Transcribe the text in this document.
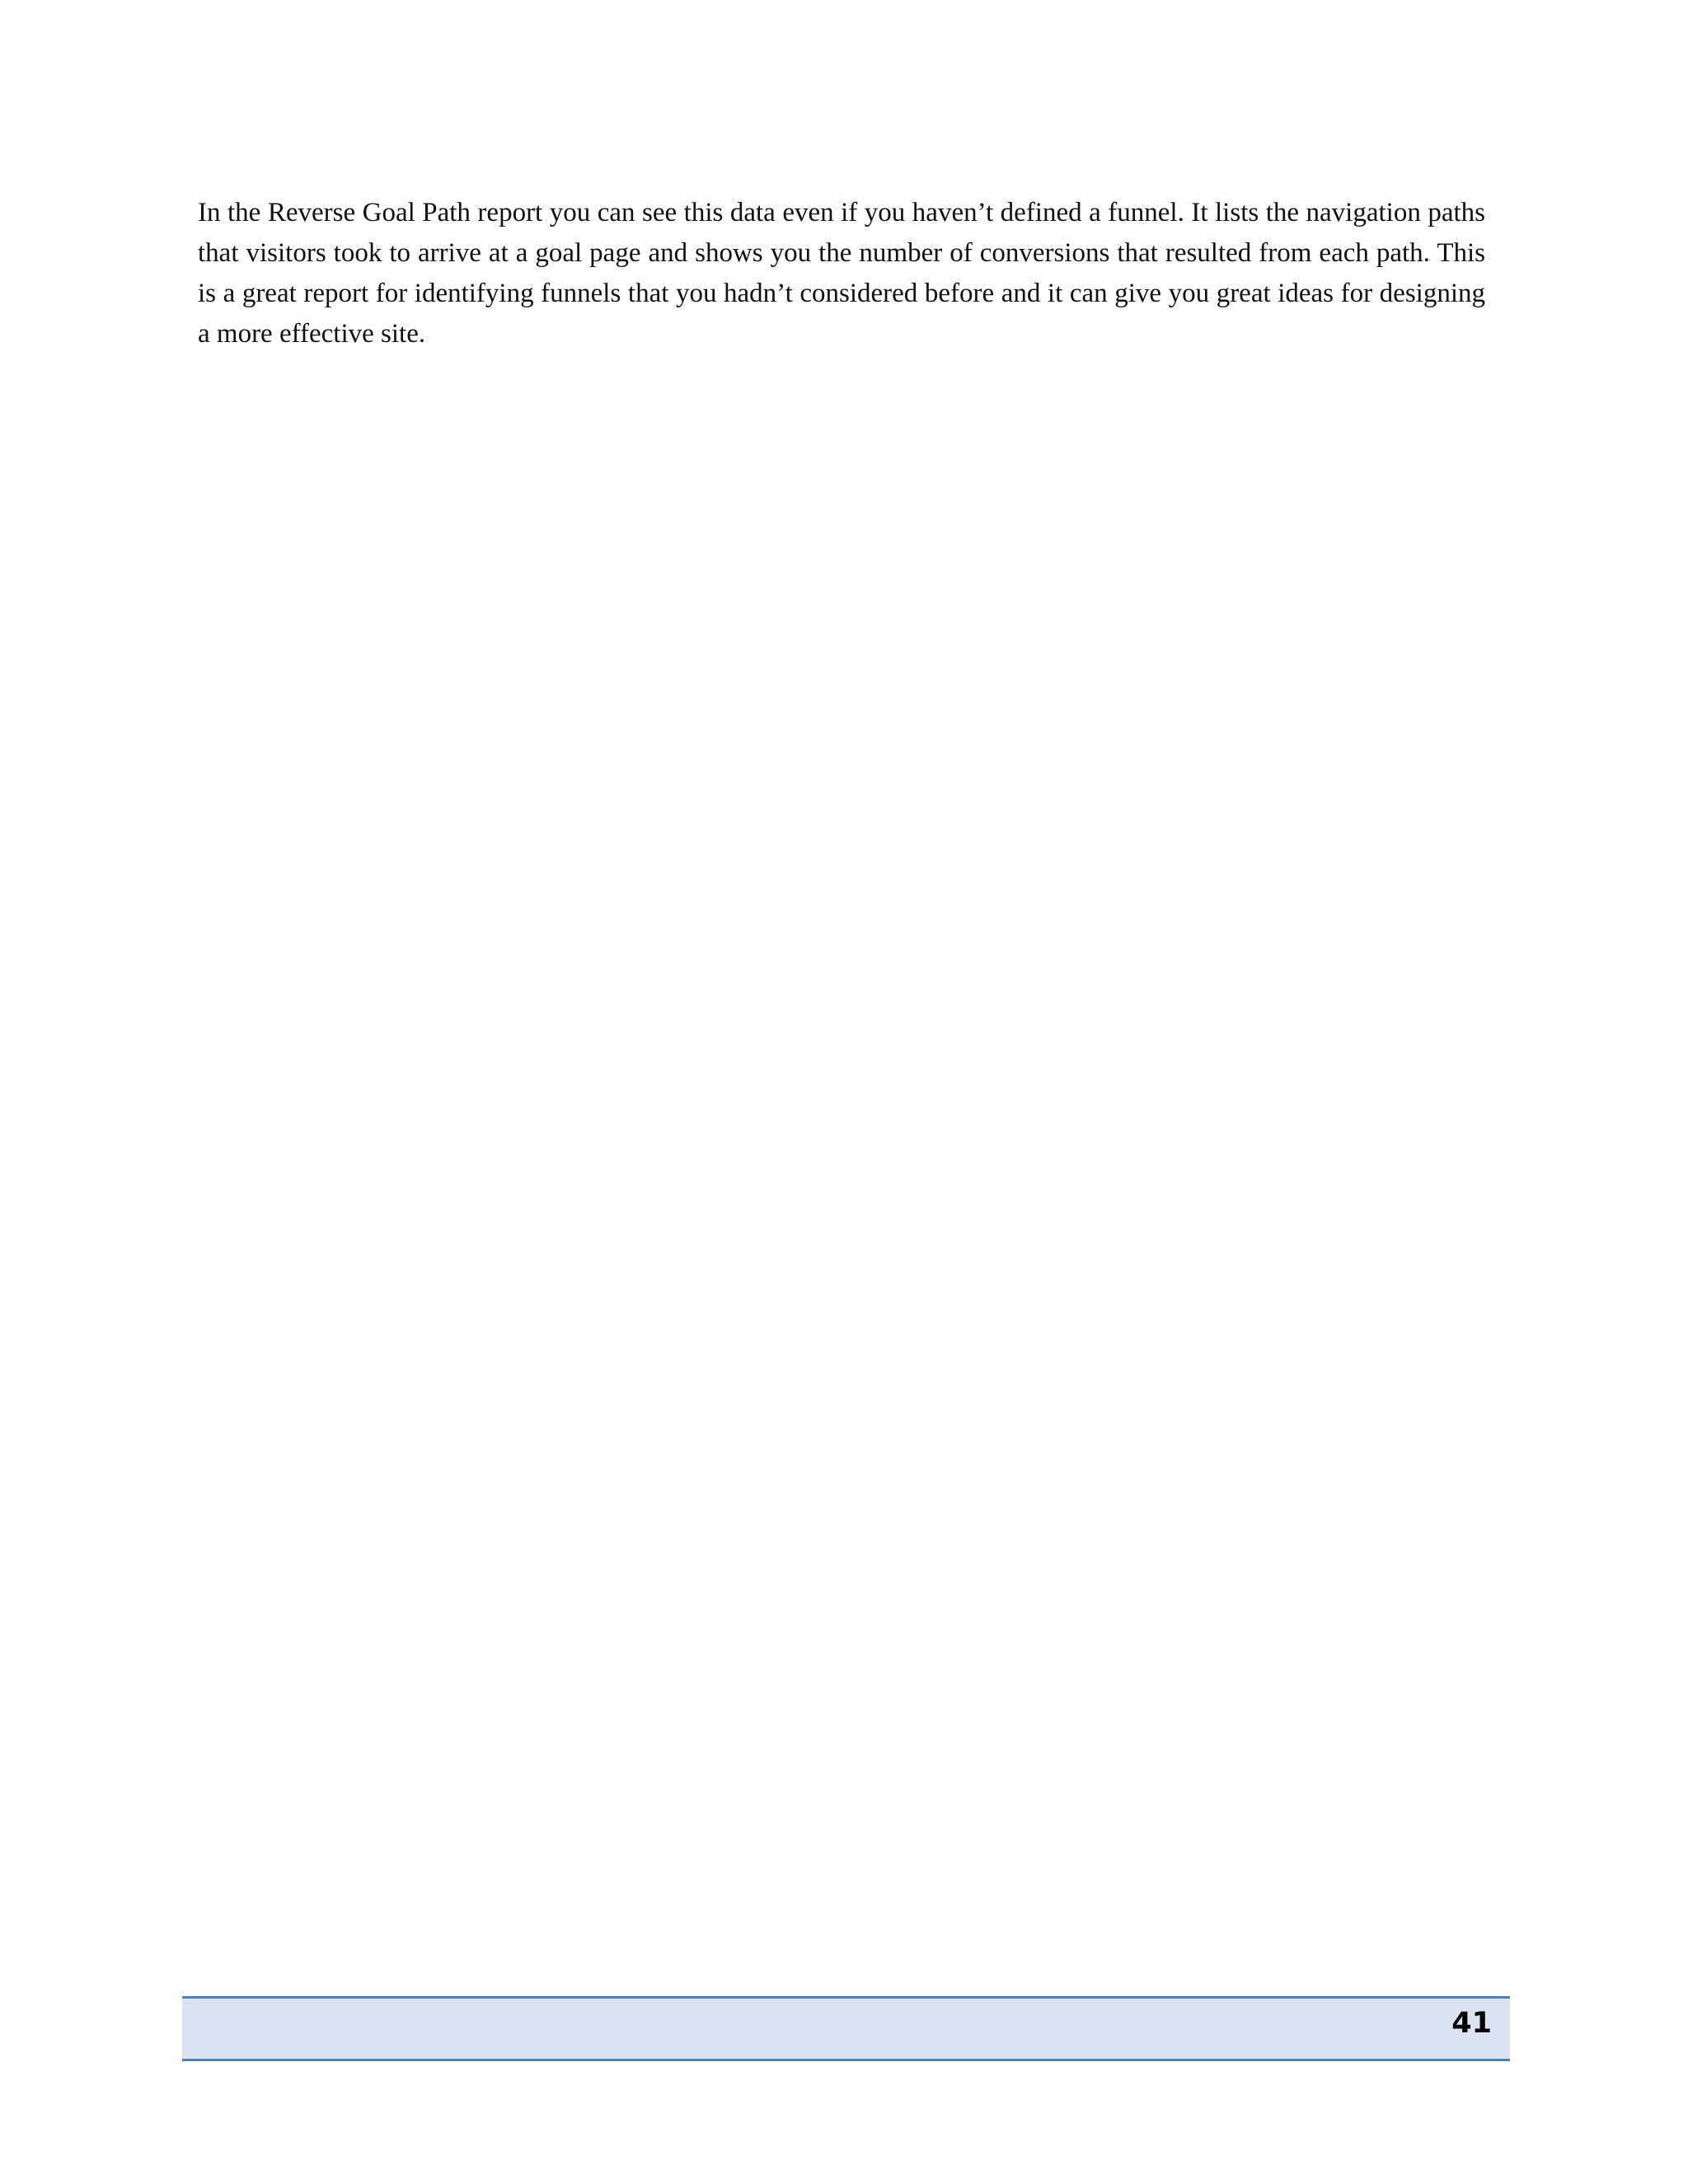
In the Reverse Goal Path report you can see this data even if you haven’t defined a funnel. It lists the navigation paths
that visitors took to arrive at a goal page and shows you the number of conversions that resulted from each path. This
is a great report for identifying funnels that you hadn’t considered before and it can give you great ideas for designing
a more effective site.

41
